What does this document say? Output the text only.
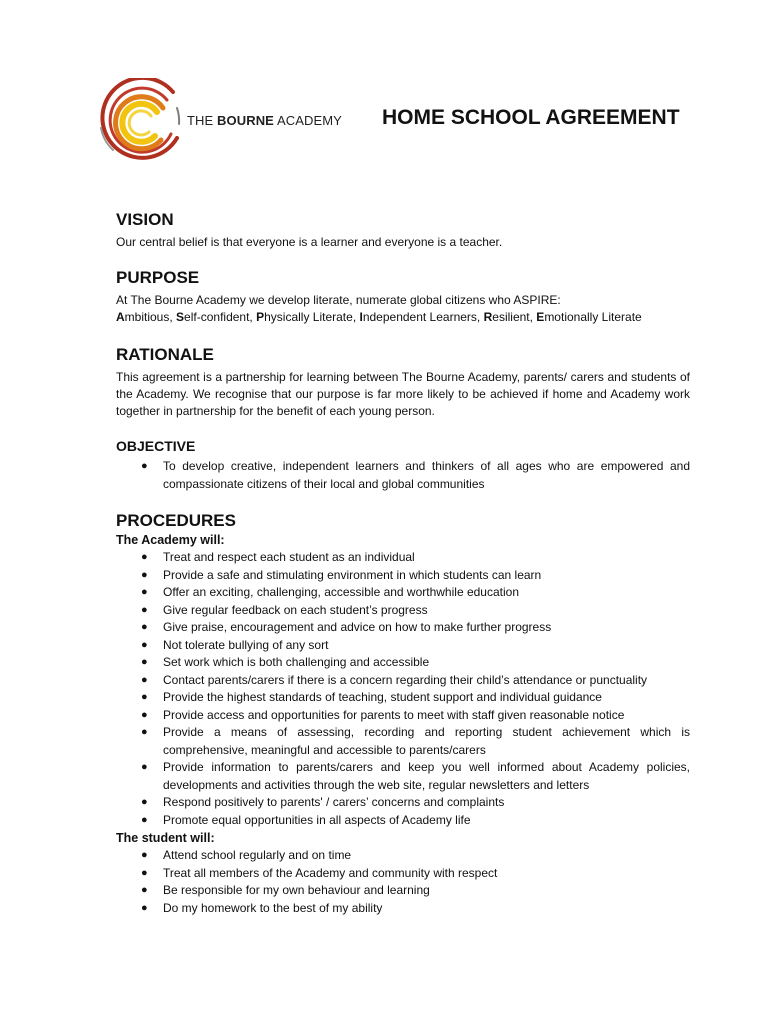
THE BOURNE ACADEMY HOME SCHOOL AGREEMENT
VISION

Our central belief is that everyone is a learner and everyone is a teacher.

PURPOSE

At The Bourne Academy we develop literate, numerate global citizens who ASPIRE:

Ambitious, Self-confident, Physically Literate, Independent Learners, Resilient, Emotionally Literate

RATIONALE

This agreement is a partnership for learning between The Bourne Academy, parents/ carers and students of the Academy. We recognise that our purpose is far more likely to be achieved if home and Academy work together in partnership for the benefit of each young person.

OBJECTIVE
● To develop creative, independent learners and thinkers of all ages who are empowered and compassionate citizens of their local and global communities
PROCEDURES
The Academy will:
● Treat and respect each student as an individual
● Provide a safe and stimulating environment in which students can learn
● Offer an exciting, challenging, accessible and worthwhile education
● Give regular feedback on each student’s progress
● Give praise, encouragement and advice on how to make further progress
● Not tolerate bullying of any sort
● Set work which is both challenging and accessible
● Contact parents/carers if there is a concern regarding their child’s attendance or punctuality
● Provide the highest standards of teaching, student support and individual guidance
● Provide access and opportunities for parents to meet with staff given reasonable notice
● Provide a means of assessing, recording and reporting student achievement which is comprehensive, meaningful and accessible to parents/carers
● Provide information to parents/carers and keep you well informed about Academy policies, developments and activities through the web site, regular newsletters and letters
● Respond positively to parents' / carers’ concerns and complaints
● Promote equal opportunities in all aspects of Academy life
The student will:
● Attend school regularly and on time
● Treat all members of the Academy and community with respect
● Be responsible for my own behaviour and learning
● Do my homework to the best of my ability
